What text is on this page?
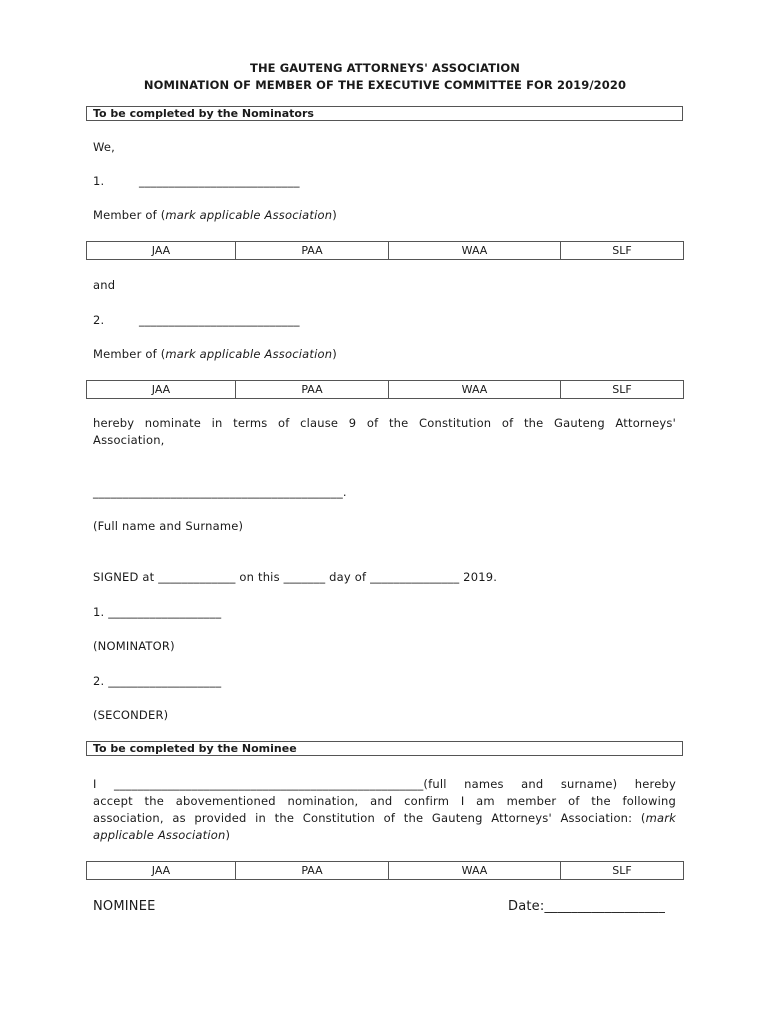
THE GAUTENG ATTORNEYS' ASSOCIATION
NOMINATION OF MEMBER OF THE EXECUTIVE COMMITTEE FOR 2019/2020
To be completed by the Nominators
We,
1.	___________________________
Member of (mark applicable Association)
JAA	PAA	WAA	SLF
and
2.	___________________________
Member of (mark applicable Association)
JAA	PAA	WAA	SLF
hereby nominate in terms of clause 9 of the Constitution of the Gauteng Attorneys'
Association,
__________________________________________.
(Full name and Surname)
SIGNED at _____________ on this _______ day of _______________ 2019.
1. ___________________
(NOMINATOR)
2. ___________________
(SECONDER)
To be completed by the Nominee
I ____________________________________________________(full names and surname) hereby
accept the abovementioned nomination, and confirm I am member of the following
association, as provided in the Constitution of the Gauteng Attorneys' Association: (mark
applicable Association)
JAA	PAA	WAA	SLF
NOMINEE	Date:__________________
